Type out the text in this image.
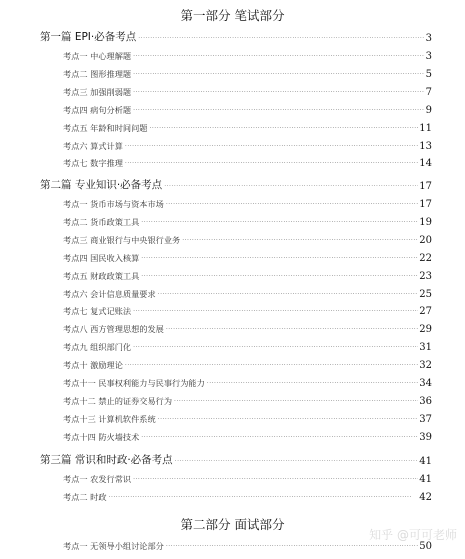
第一部分 笔试部分
第一篇 EPI·必备考点 ·····	3
考点一 中心理解题 ·····	3
考点二 图形推理题 ·····	5
考点三 加强削弱题 ·····	7
考点四 病句分析题 ·····	9
考点五 年龄和时间问题 ·····	11
考点六 算式计算 ·····	13
考点七 数字推理 ·····	14
第二篇 专业知识·必备考点 ·····	17
考点一 货币市场与资本市场 ·····	17
考点二 货币政策工具 ·····	19
考点三 商业银行与中央银行业务 ·····	20
考点四 国民收入核算 ·····	22
考点五 财政政策工具 ·····	23
考点六 会计信息质量要求 ·····	25
考点七 复式记账法 ·····	27
考点八 西方管理思想的发展 ·····	29
考点九 组织部门化 ·····	31
考点十 激励理论 ·····	32
考点十一 民事权利能力与民事行为能力 ·····	34
考点十二 禁止的证券交易行为 ·····	36
考点十三 计算机软件系统 ·····	37
考点十四 防火墙技术 ·····	39
第三篇 常识和时政·必备考点 ·····	41
考点一 农发行常识 ·····	41
考点二 时政 ·····	42
第二部分 面试部分
考点一 无领导小组讨论部分 ·····	50
知乎 @可可老师
